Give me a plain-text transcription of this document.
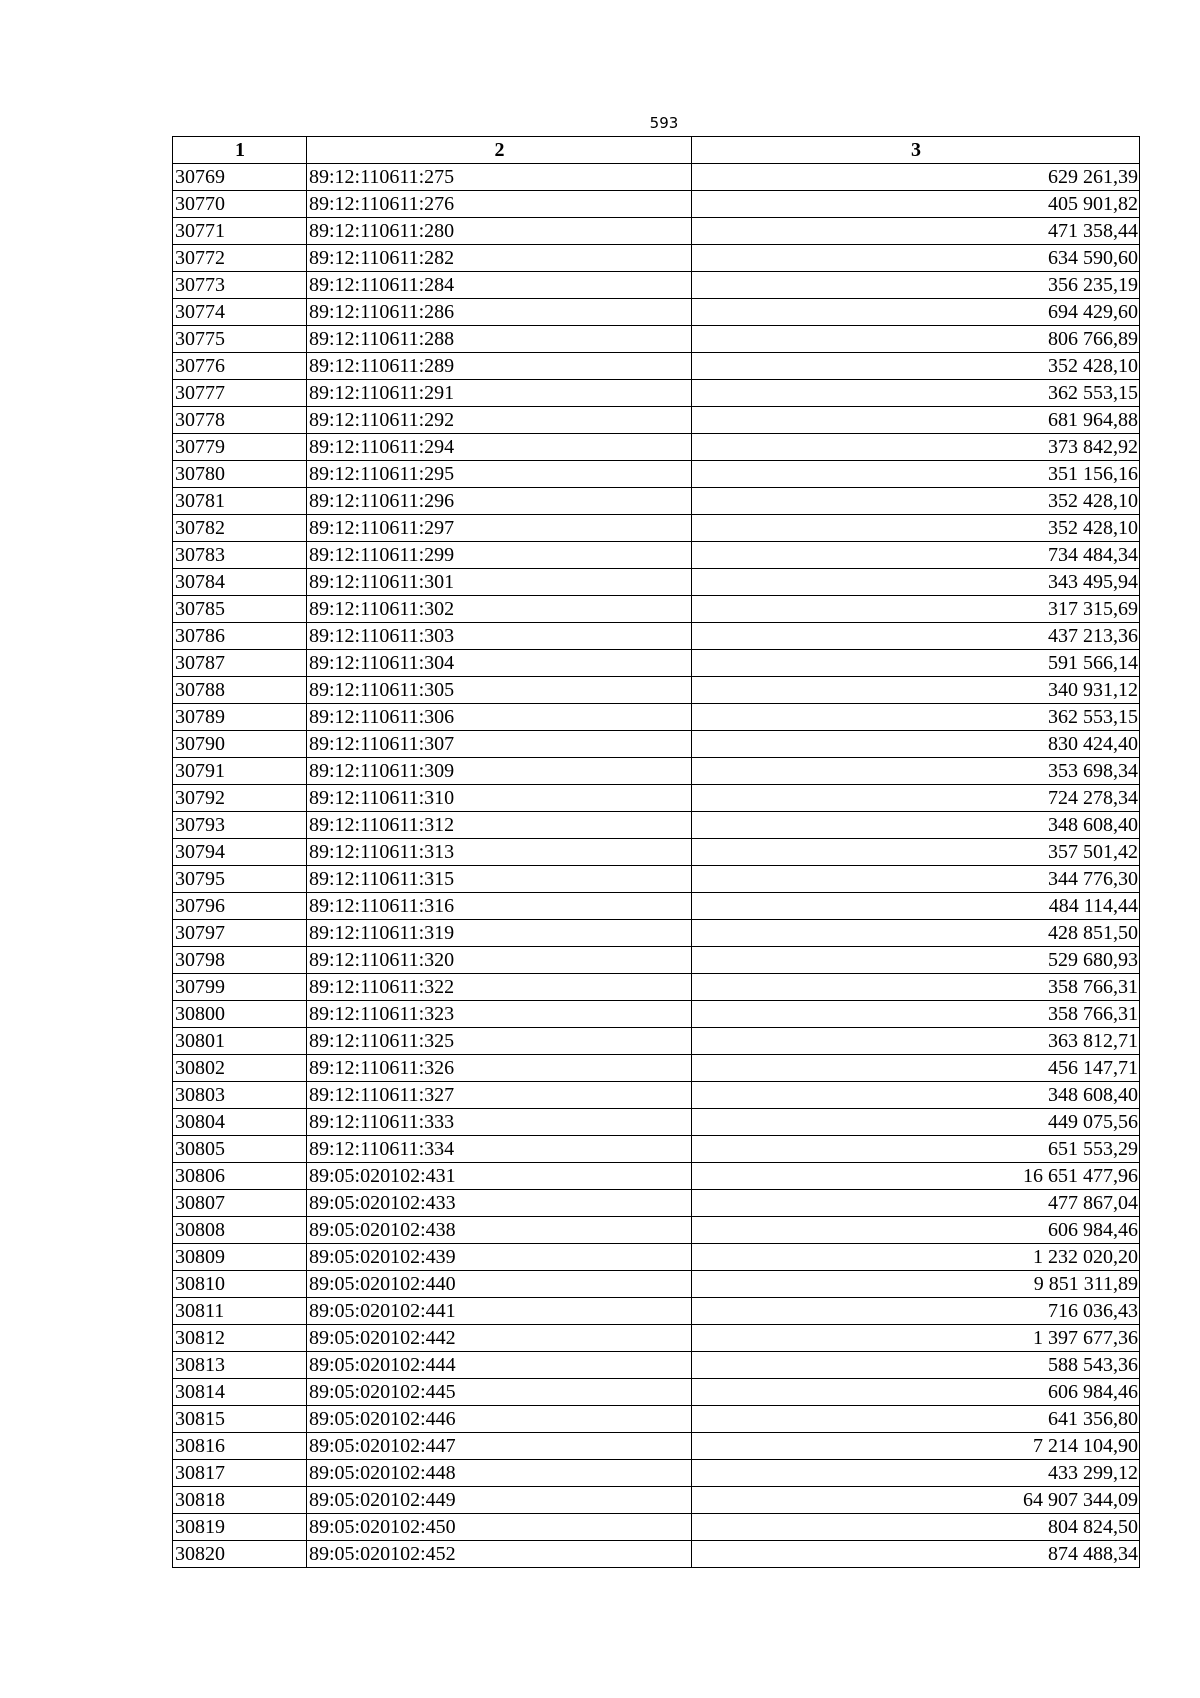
593
1	2	3
30769	89:12:110611:275	629 261,39
30770	89:12:110611:276	405 901,82
30771	89:12:110611:280	471 358,44
30772	89:12:110611:282	634 590,60
30773	89:12:110611:284	356 235,19
30774	89:12:110611:286	694 429,60
30775	89:12:110611:288	806 766,89
30776	89:12:110611:289	352 428,10
30777	89:12:110611:291	362 553,15
30778	89:12:110611:292	681 964,88
30779	89:12:110611:294	373 842,92
30780	89:12:110611:295	351 156,16
30781	89:12:110611:296	352 428,10
30782	89:12:110611:297	352 428,10
30783	89:12:110611:299	734 484,34
30784	89:12:110611:301	343 495,94
30785	89:12:110611:302	317 315,69
30786	89:12:110611:303	437 213,36
30787	89:12:110611:304	591 566,14
30788	89:12:110611:305	340 931,12
30789	89:12:110611:306	362 553,15
30790	89:12:110611:307	830 424,40
30791	89:12:110611:309	353 698,34
30792	89:12:110611:310	724 278,34
30793	89:12:110611:312	348 608,40
30794	89:12:110611:313	357 501,42
30795	89:12:110611:315	344 776,30
30796	89:12:110611:316	484 114,44
30797	89:12:110611:319	428 851,50
30798	89:12:110611:320	529 680,93
30799	89:12:110611:322	358 766,31
30800	89:12:110611:323	358 766,31
30801	89:12:110611:325	363 812,71
30802	89:12:110611:326	456 147,71
30803	89:12:110611:327	348 608,40
30804	89:12:110611:333	449 075,56
30805	89:12:110611:334	651 553,29
30806	89:05:020102:431	16 651 477,96
30807	89:05:020102:433	477 867,04
30808	89:05:020102:438	606 984,46
30809	89:05:020102:439	1 232 020,20
30810	89:05:020102:440	9 851 311,89
30811	89:05:020102:441	716 036,43
30812	89:05:020102:442	1 397 677,36
30813	89:05:020102:444	588 543,36
30814	89:05:020102:445	606 984,46
30815	89:05:020102:446	641 356,80
30816	89:05:020102:447	7 214 104,90
30817	89:05:020102:448	433 299,12
30818	89:05:020102:449	64 907 344,09
30819	89:05:020102:450	804 824,50
30820	89:05:020102:452	874 488,34
